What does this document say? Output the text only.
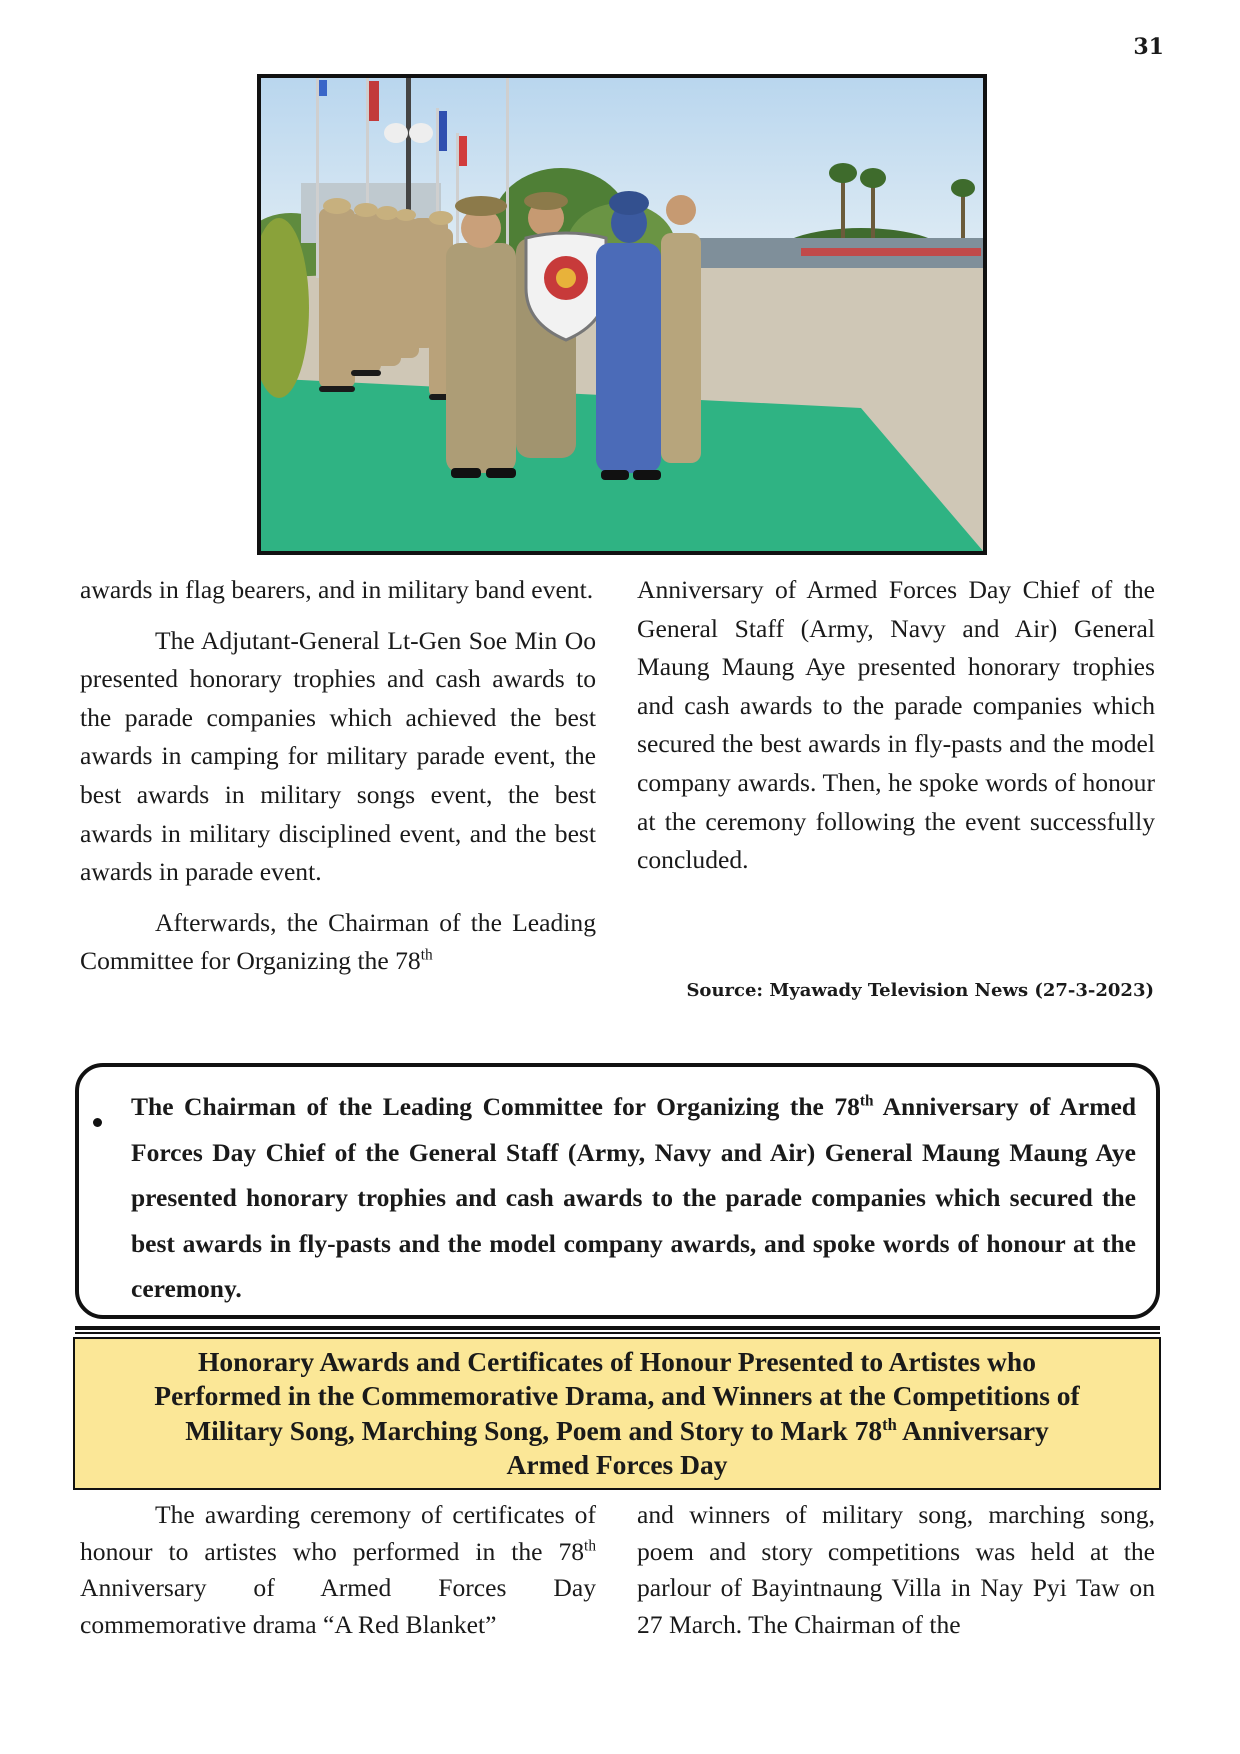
31

awards in flag bearers, and in military band event.

The Adjutant-General Lt-Gen Soe Min Oo presented honorary trophies and cash awards to the parade companies which achieved the best awards in camping for military parade event, the best awards in military songs event, the best awards in military disciplined event, and the best awards in parade event.

Afterwards, the Chairman of the Leading Committee for Organizing the 78th

Anniversary of Armed Forces Day Chief of the General Staff (Army, Navy and Air) General Maung Maung Aye presented honorary trophies and cash awards to the parade companies which secured the best awards in fly-pasts and the model company awards. Then, he spoke words of honour at the ceremony following the event successfully concluded.

Source: Myawady Television News (27-3-2023)
The Chairman of the Leading Committee for Organizing the 78th Anniversary of Armed Forces Day Chief of the General Staff (Army, Navy and Air) General Maung Maung Aye presented honorary trophies and cash awards to the parade companies which secured the best awards in fly-pasts and the model company awards, and spoke words of honour at the ceremony.
Honorary Awards and Certificates of Honour Presented to Artistes who
Performed in the Commemorative Drama, and Winners at the Competitions of
Military Song, Marching Song, Poem and Story to Mark 78th Anniversary
Armed Forces Day

The awarding ceremony of certificates of honour to artistes who performed in the 78th Anniversary of Armed Forces Day commemorative drama “A Red Blanket”

and winners of military song, marching song, poem and story competitions was held at the parlour of Bayintnaung Villa in Nay Pyi Taw on 27 March. The Chairman of the
